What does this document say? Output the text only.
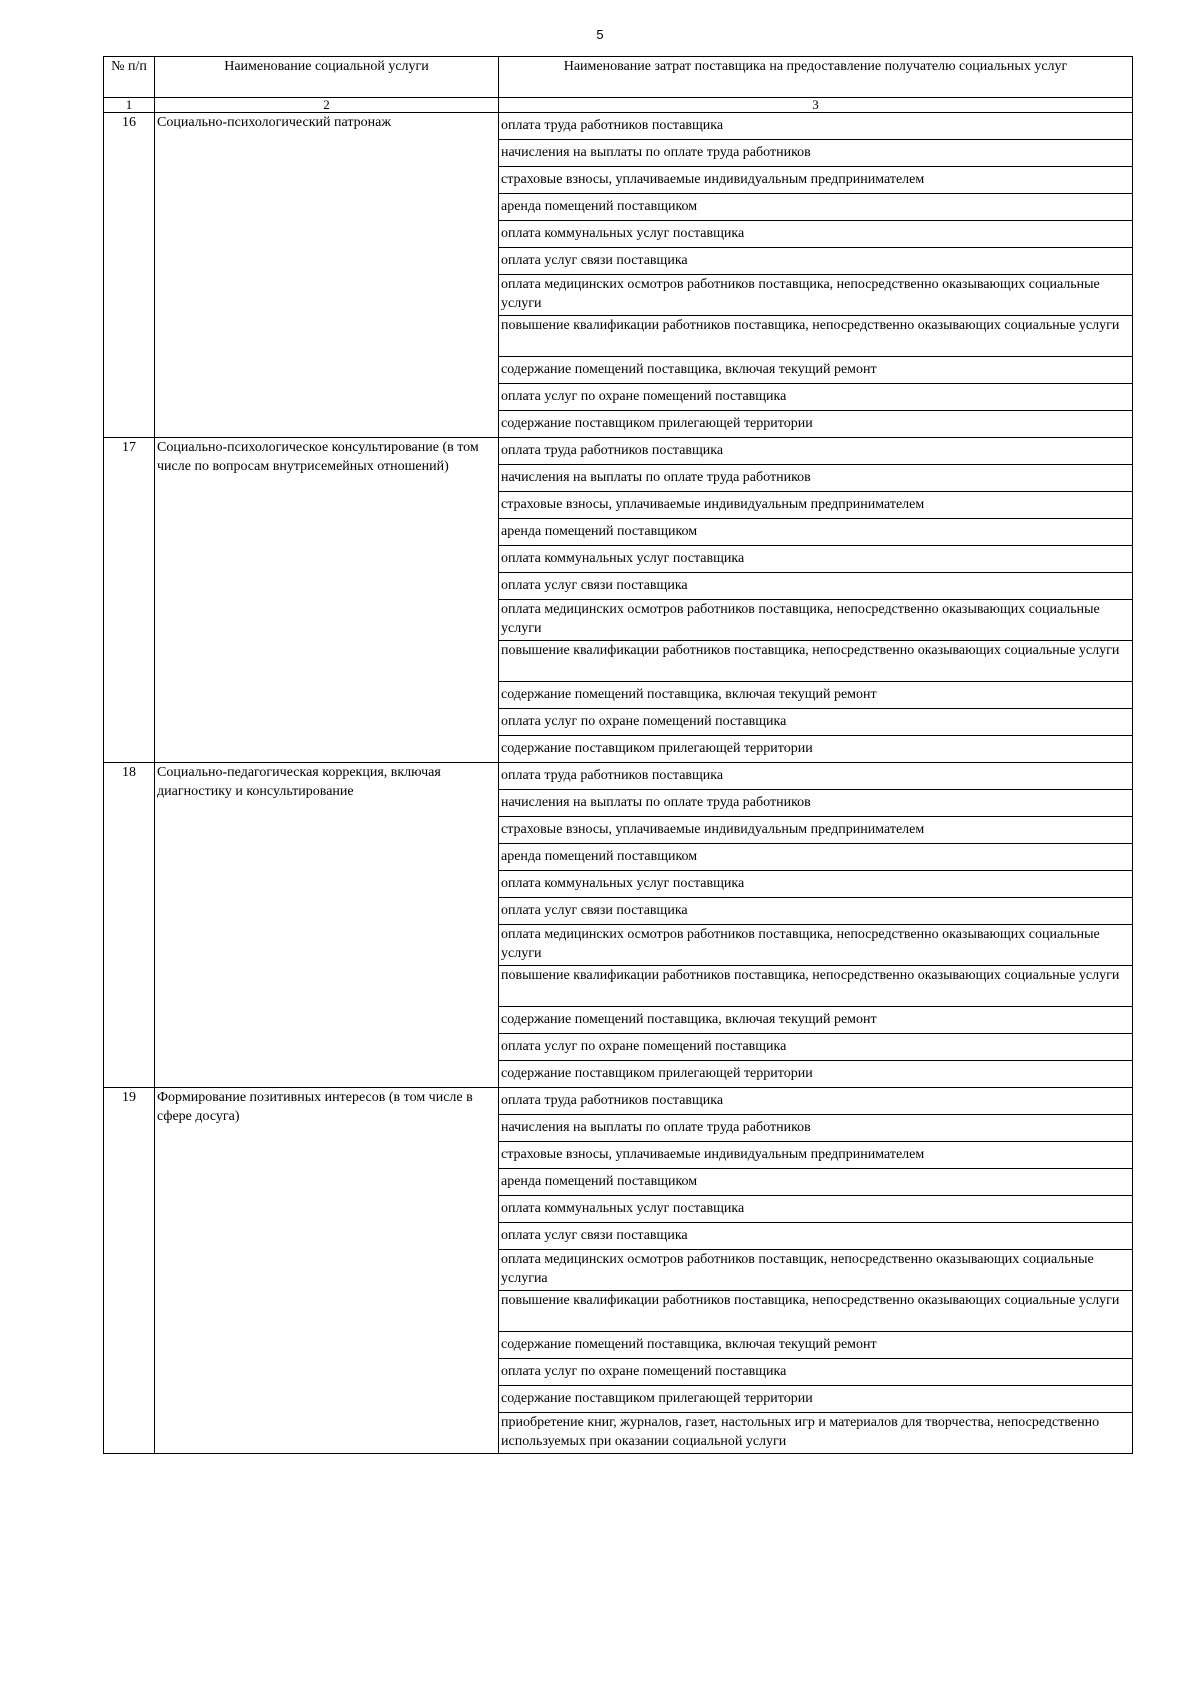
5
№ п/п	Наименование социальной услуги	Наименование затрат поставщика на предоставление получателю социальных услуг
1	2	3
16	Социально-психологический патронаж	оплата труда работников поставщика
		начисления на выплаты по оплате труда работников
		страховые взносы, уплачиваемые индивидуальным предпринимателем
		аренда помещений поставщиком
		оплата коммунальных услуг поставщика
		оплата услуг связи поставщика
		оплата медицинских осмотров работников поставщика, непосредственно оказывающих социальные услуги
		повышение квалификации работников поставщика, непосредственно оказывающих социальные услуги
		содержание помещений поставщика, включая текущий ремонт
		оплата услуг по охране помещений поставщика
		содержание поставщиком прилегающей территории
17	Социально-психологическое консультирование (в том числе по вопросам внутрисемейных отношений)	оплата труда работников поставщика
		начисления на выплаты по оплате труда работников
		страховые взносы, уплачиваемые индивидуальным предпринимателем
		аренда помещений поставщиком
		оплата коммунальных услуг поставщика
		оплата услуг связи поставщика
		оплата медицинских осмотров работников поставщика, непосредственно оказывающих социальные услуги
		повышение квалификации работников поставщика, непосредственно оказывающих социальные услуги
		содержание помещений поставщика, включая текущий ремонт
		оплата услуг по охране помещений поставщика
		содержание поставщиком прилегающей территории
18	Социально-педагогическая коррекция, включая диагностику и консультирование	оплата труда работников поставщика
		начисления на выплаты по оплате труда работников
		страховые взносы, уплачиваемые индивидуальным предпринимателем
		аренда помещений поставщиком
		оплата коммунальных услуг поставщика
		оплата услуг связи поставщика
		оплата медицинских осмотров работников поставщика, непосредственно оказывающих социальные услуги
		повышение квалификации работников поставщика, непосредственно оказывающих социальные услуги
		содержание помещений поставщика, включая текущий ремонт
		оплата услуг по охране помещений поставщика
		содержание поставщиком прилегающей территории
19	Формирование позитивных интересов (в том числе в сфере досуга)	оплата труда работников поставщика
		начисления на выплаты по оплате труда работников
		страховые взносы, уплачиваемые индивидуальным предпринимателем
		аренда помещений поставщиком
		оплата коммунальных услуг поставщика
		оплата услуг связи поставщика
		оплата медицинских осмотров работников поставщик, непосредственно оказывающих социальные услугиа
		повышение квалификации работников поставщика, непосредственно оказывающих социальные услуги
		содержание помещений поставщика, включая текущий ремонт
		оплата услуг по охране помещений поставщика
		содержание поставщиком прилегающей территории
		приобретение книг, журналов, газет, настольных игр и материалов для творчества, непосредственно используемых при оказании социальной услуги
